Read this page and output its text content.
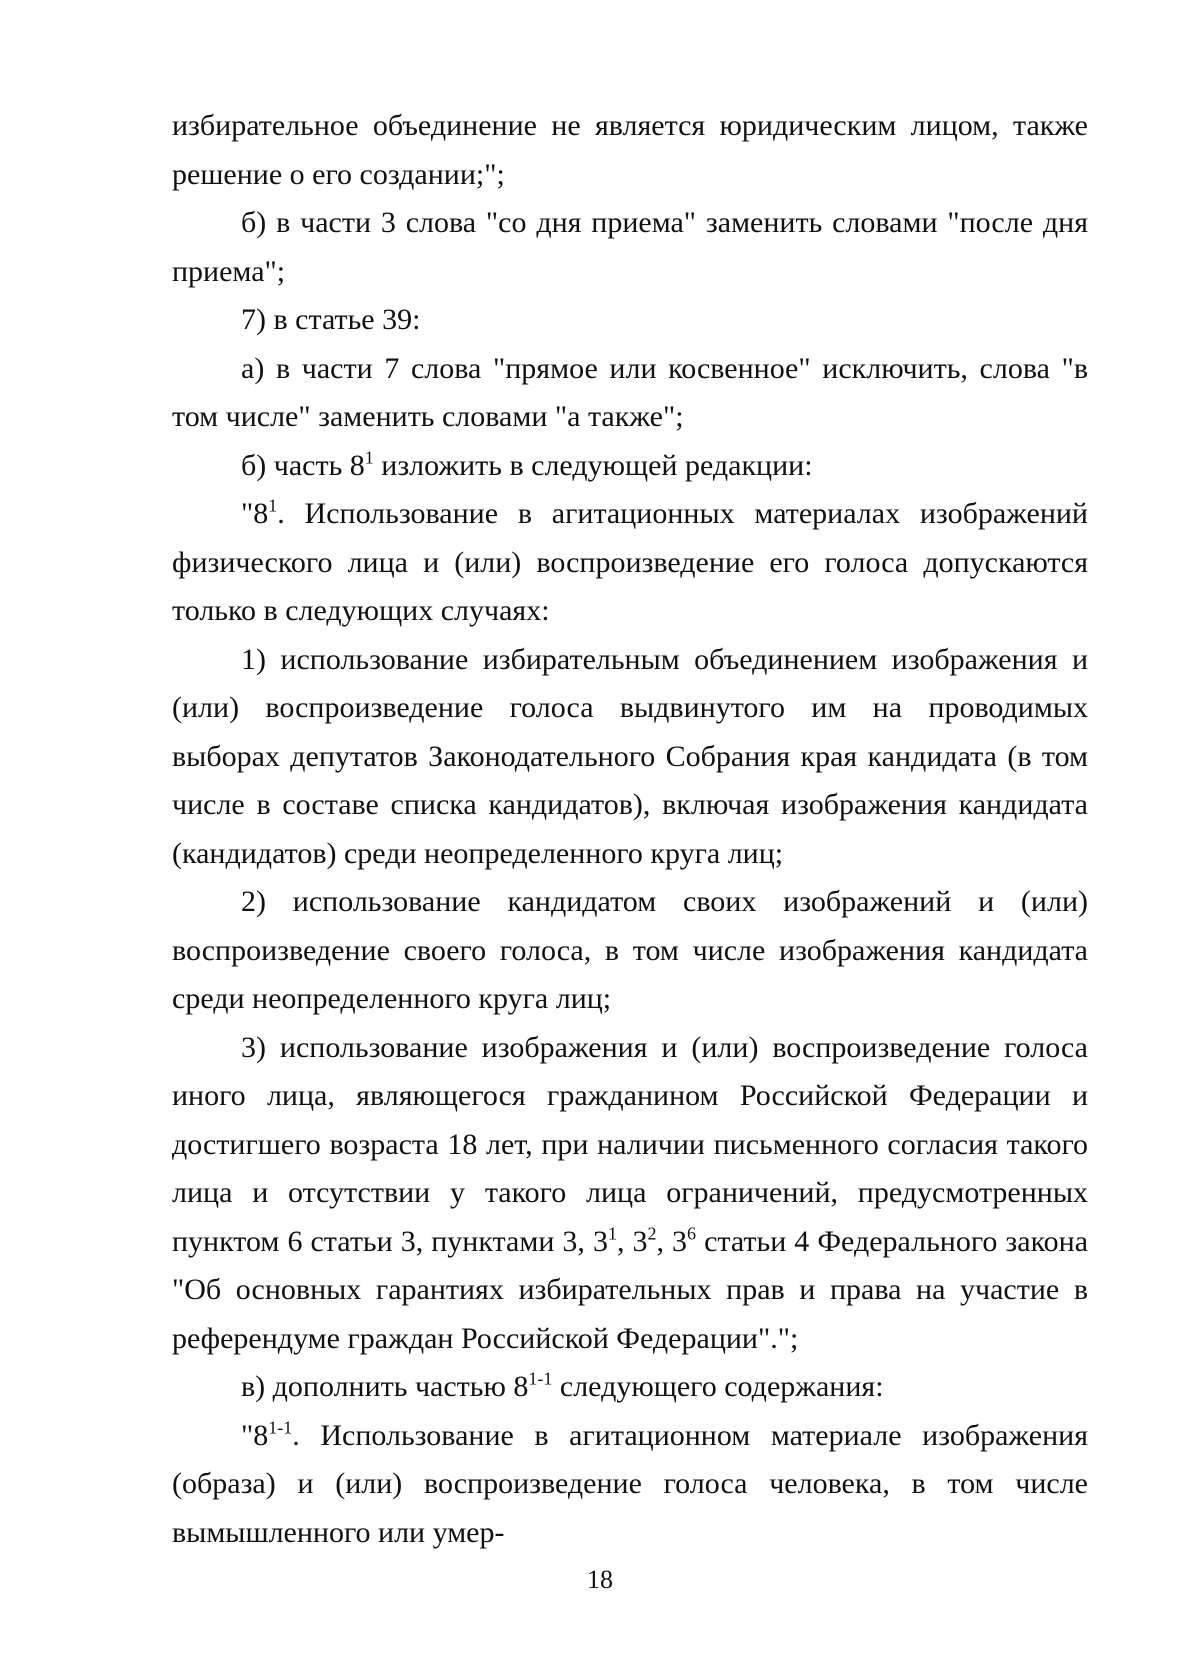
избирательное объединение не является юридическим лицом, также решение о его создании;";

б) в части 3 слова "со дня приема" заменить словами "после дня приема";

7) в статье 39:

а) в части 7 слова "прямое или косвенное" исключить, слова "в том числе" заменить словами "а также";

б) часть $8^1$ изложить в следующей редакции:

"$8^1$. Использование в агитационных материалах изображений физического лица и (или) воспроизведение его голоса допускаются только в следующих случаях:

1) использование избирательным объединением изображения и (или) воспроизведение голоса выдвинутого им на проводимых выборах депутатов Законодательного Собрания края кандидата (в том числе в составе списка кандидатов), включая изображения кандидата (кандидатов) среди неопределенного круга лиц;

2) использование кандидатом своих изображений и (или) воспроизведение своего голоса, в том числе изображения кандидата среди неопределенного круга лиц;

3) использование изображения и (или) воспроизведение голоса иного лица, являющегося гражданином Российской Федерации и достигшего возраста 18 лет, при наличии письменного согласия такого лица и отсутствии у такого лица ограничений, предусмотренных пунктом 6 статьи 3, пунктами 3, $3^1$, $3^2$, $3^6$ статьи 4 Федерального закона "Об основных гарантиях избирательных прав и права на участие в референдуме граждан Российской Федерации".";

в) дополнить частью 8$^{1-1}$ следующего содержания:

"8$^{1-1}$. Использование в агитационном материале изображения (образа) и (или) воспроизведение голоса человека, в том числе вымышленного или умер-

18
